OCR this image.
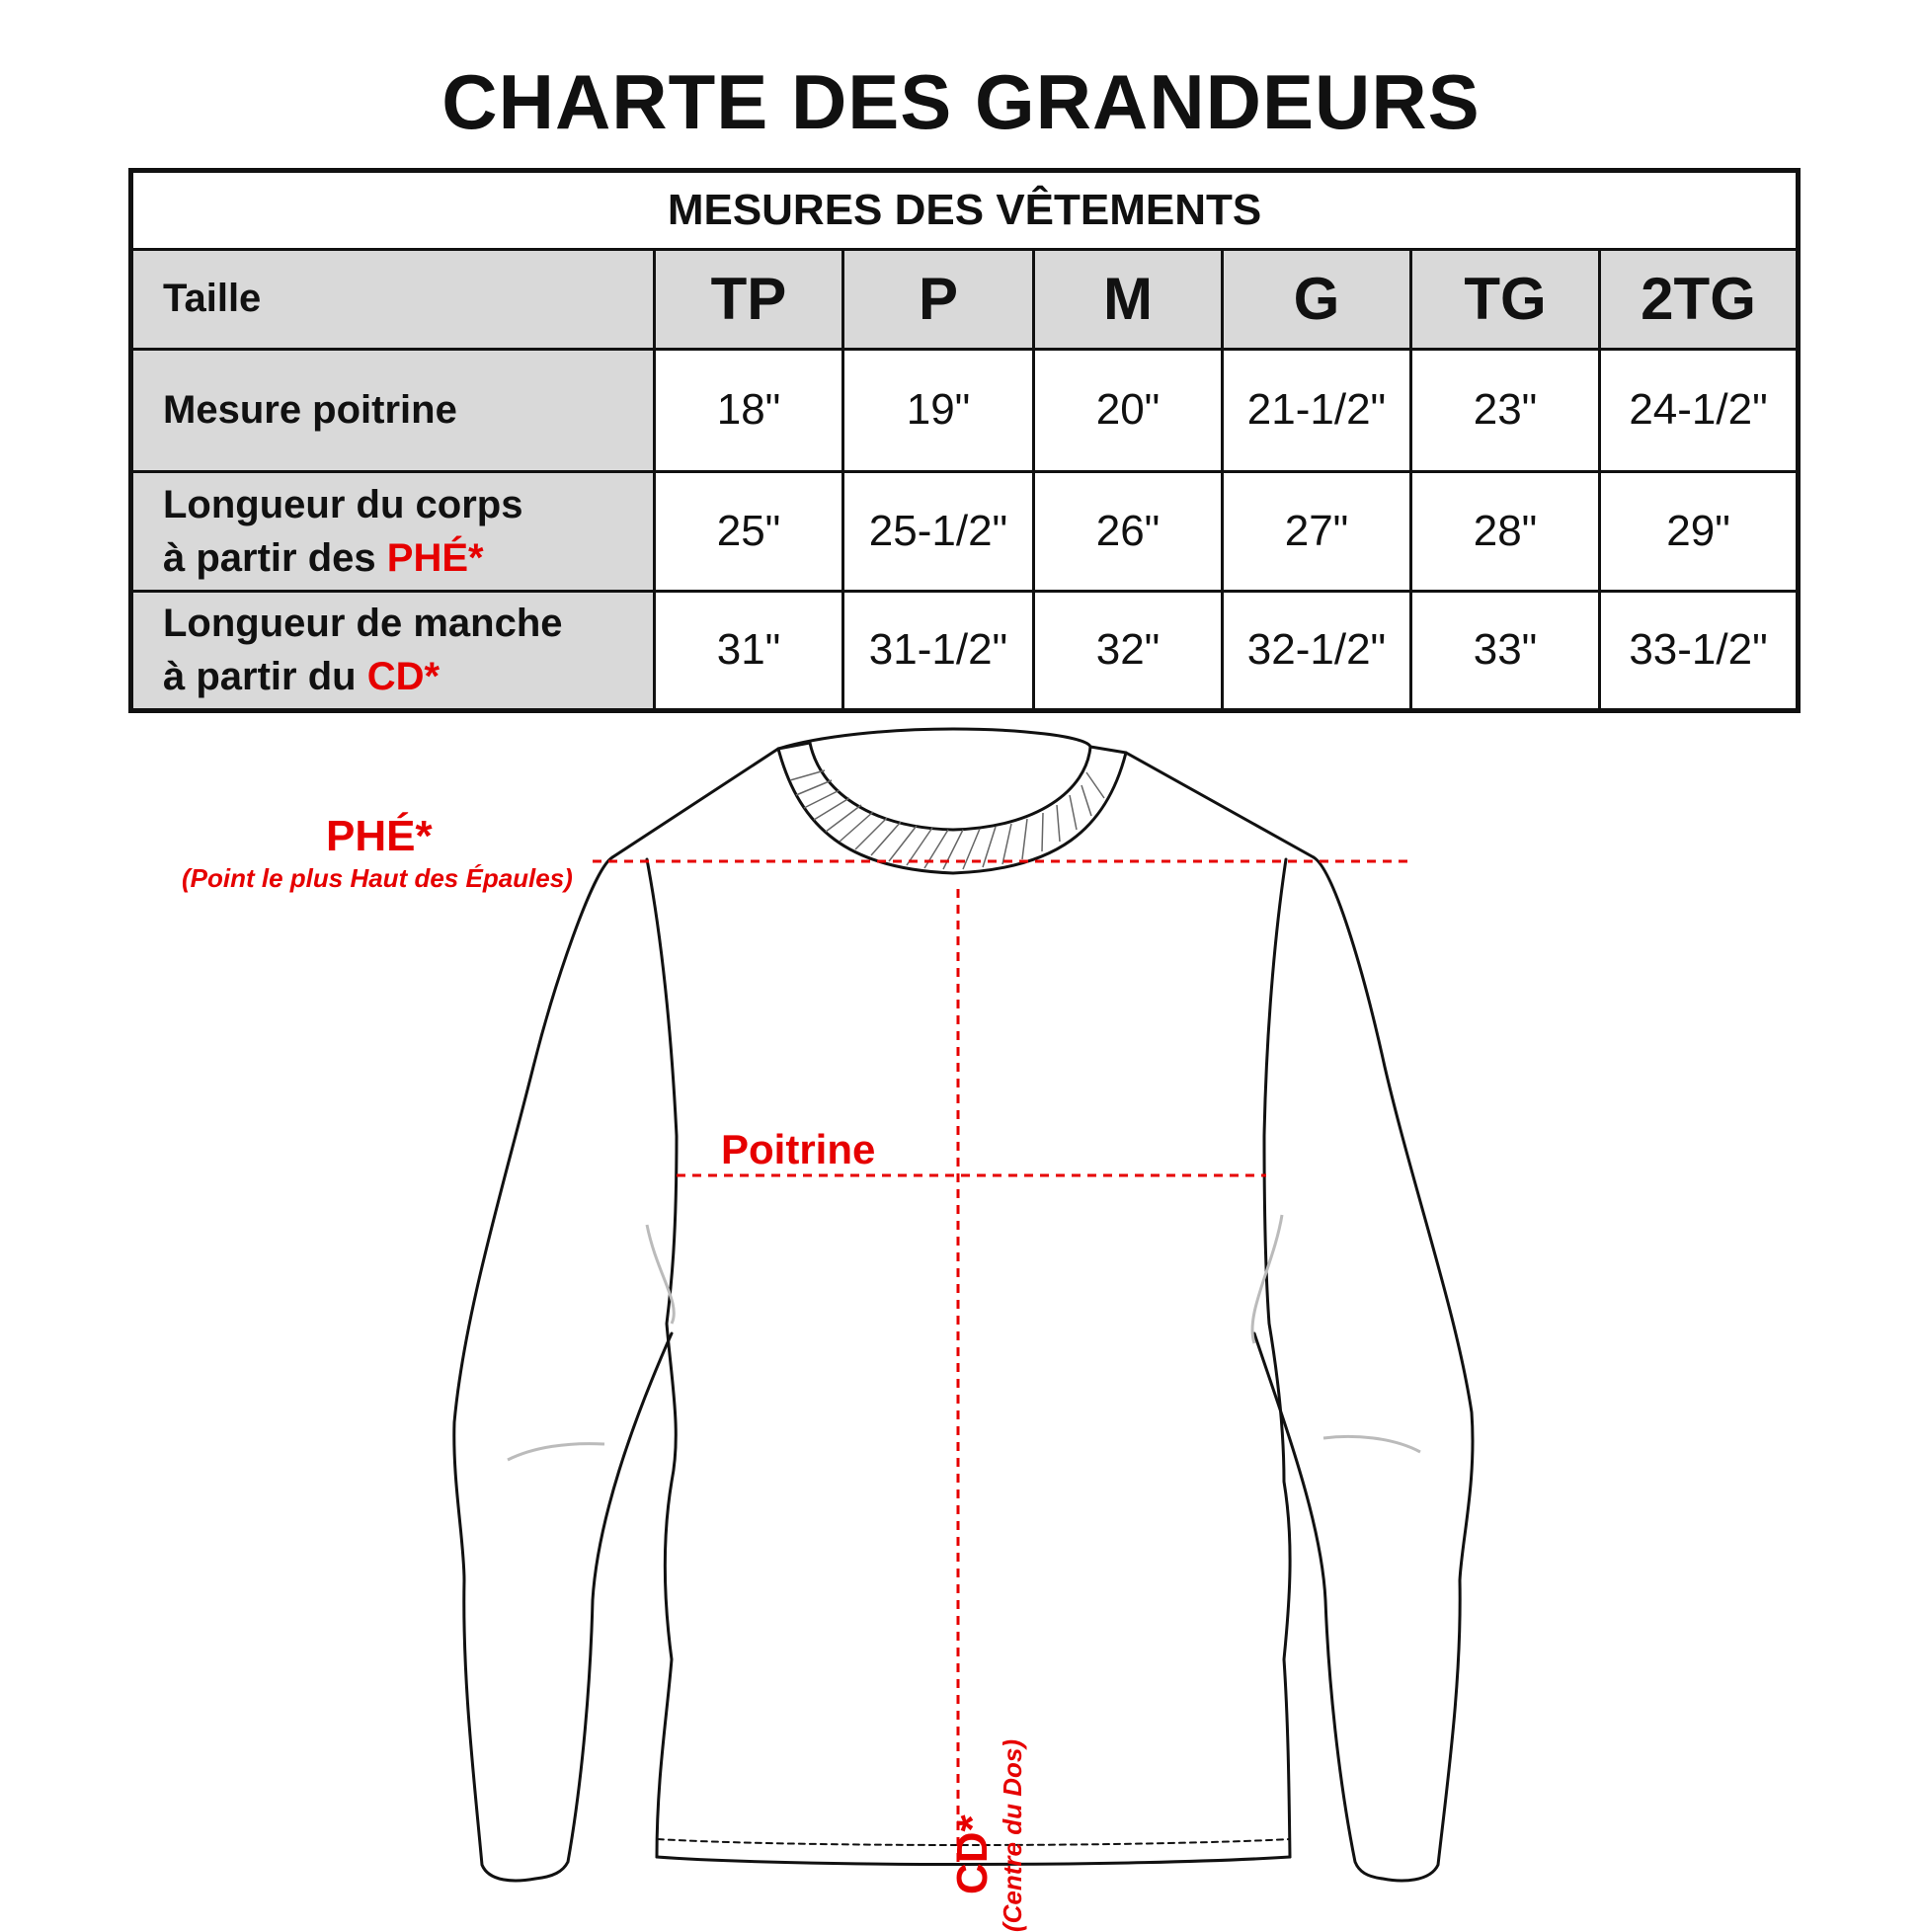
CHARTE DES GRANDEURS
MESURES DES VÊTEMENTS						
Taille	TP	P	M	G	TG	2TG
Mesure poitrine	18"	19"	20"	21-1/2"	23"	24-1/2"
Longueur du corps
à partir des PHÉ*	25"	25-1/2"	26"	27"	28"	29"
Longueur de manche
à partir du CD*	31"	31-1/2"	32"	32-1/2"	33"	33-1/2"
PHÉ*
(Point le plus Haut des Épaules)
Poitrine
CD* (Centre du Dos)
